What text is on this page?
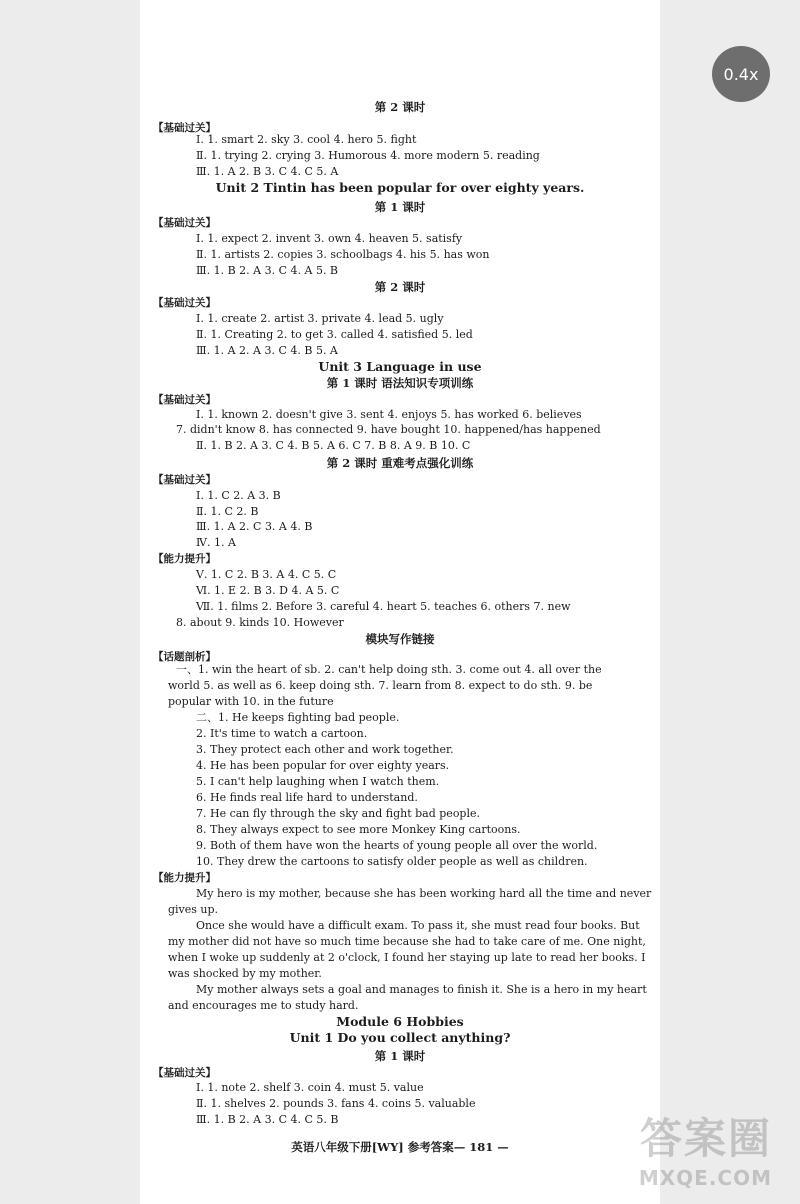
0.4x
第 2 课时
【基础过关】
Ⅰ. 1. smart 2. sky 3. cool 4. hero 5. fight
Ⅱ. 1. trying 2. crying 3. Humorous 4. more modern 5. reading
Ⅲ. 1. A 2. B 3. C 4. C 5. A
Unit 2 Tintin has been popular for over eighty years.
第 1 课时
【基础过关】
Ⅰ. 1. expect 2. invent 3. own 4. heaven 5. satisfy
Ⅱ. 1. artists 2. copies 3. schoolbags 4. his 5. has won
Ⅲ. 1. B 2. A 3. C 4. A 5. B
第 2 课时
【基础过关】
Ⅰ. 1. create 2. artist 3. private 4. lead 5. ugly
Ⅱ. 1. Creating 2. to get 3. called 4. satisfied 5. led
Ⅲ. 1. A 2. A 3. C 4. B 5. A
Unit 3 Language in use
第 1 课时 语法知识专项训练
【基础过关】
Ⅰ. 1. known 2. doesn't give 3. sent 4. enjoys 5. has worked 6. believes
7. didn't know 8. has connected 9. have bought 10. happened/has happened
Ⅱ. 1. B 2. A 3. C 4. B 5. A 6. C 7. B 8. A 9. B 10. C
第 2 课时 重难考点强化训练
【基础过关】
Ⅰ. 1. C 2. A 3. B
Ⅱ. 1. C 2. B
Ⅲ. 1. A 2. C 3. A 4. B
Ⅳ. 1. A
【能力提升】
Ⅴ. 1. C 2. B 3. A 4. C 5. C
Ⅵ. 1. E 2. B 3. D 4. A 5. C
Ⅶ. 1. films 2. Before 3. careful 4. heart 5. teaches 6. others 7. new
8. about 9. kinds 10. However
模块写作链接
【话题剖析】
一、1. win the heart of sb. 2. can't help doing sth. 3. come out 4. all over the
world 5. as well as 6. keep doing sth. 7. learn from 8. expect to do sth. 9. be
popular with 10. in the future
二、1. He keeps fighting bad people.
2. It's time to watch a cartoon.
3. They protect each other and work together.
4. He has been popular for over eighty years.
5. I can't help laughing when I watch them.
6. He finds real life hard to understand.
7. He can fly through the sky and fight bad people.
8. They always expect to see more Monkey King cartoons.
9. Both of them have won the hearts of young people all over the world.
10. They drew the cartoons to satisfy older people as well as children.
【能力提升】
My hero is my mother, because she has been working hard all the time and never
gives up.
Once she would have a difficult exam. To pass it, she must read four books. But
my mother did not have so much time because she had to take care of me. One night,
when I woke up suddenly at 2 o'clock, I found her staying up late to read her books. I
was shocked by my mother.
My mother always sets a goal and manages to finish it. She is a hero in my heart
and encourages me to study hard.
Module 6 Hobbies
Unit 1 Do you collect anything?
第 1 课时
【基础过关】
Ⅰ. 1. note 2. shelf 3. coin 4. must 5. value
Ⅱ. 1. shelves 2. pounds 3. fans 4. coins 5. valuable
Ⅲ. 1. B 2. A 3. C 4. C 5. B
英语八年级下册[WY] 参考答案— 181 —	答案圈
MXQE.COM
